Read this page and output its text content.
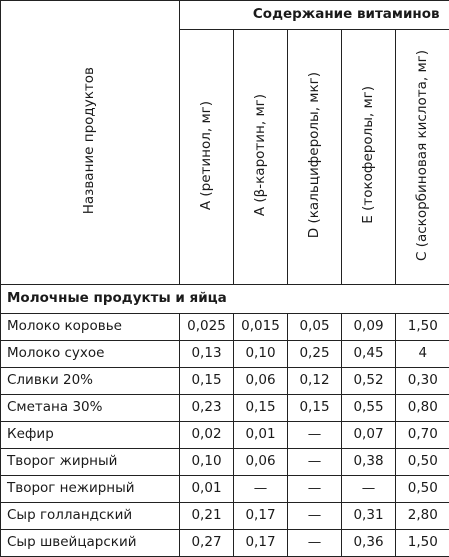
Название продуктов	Содержание витаминов				
	А (ретинол, мг)	А (β-каротин, мг)	D (кальциферолы, мкг)	Е (токоферолы, мг)	С (аскорбиновая кислота, мг)
Молочные продукты и яйца					
Молоко коровье	0,025	0,015	0,05	0,09	1,50
Молоко сухое	0,13	0,10	0,25	0,45	4
Сливки 20%	0,15	0,06	0,12	0,52	0,30
Сметана 30%	0,23	0,15	0,15	0,55	0,80
Кефир	0,02	0,01	—	0,07	0,70
Творог жирный	0,10	0,06	—	0,38	0,50
Творог нежирный	0,01	—	—	—	0,50
Сыр голландский	0,21	0,17	—	0,31	2,80
Сыр швейцарский	0,27	0,17	—	0,36	1,50
